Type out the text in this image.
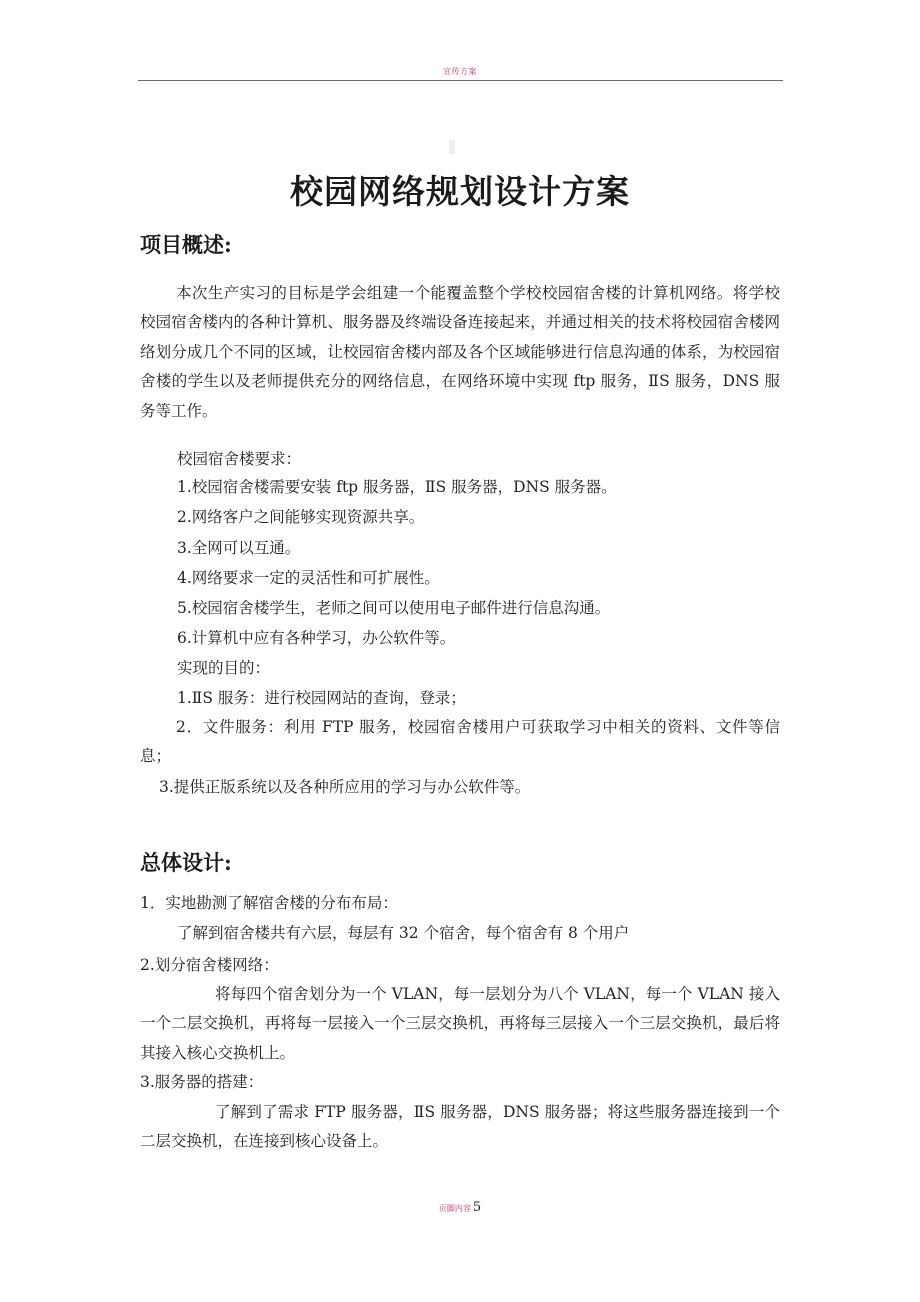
宣传方案
校园网络规划设计方案
项目概述:

本次生产实习的目标是学会组建一个能覆盖整个学校校园宿舍楼的计算机网络。将学校校园宿舍楼内的各种计算机、服务器及终端设备连接起来，并通过相关的技术将校园宿舍楼网络划分成几个不同的区域，让校园宿舍楼内部及各个区域能够进行信息沟通的体系，为校园宿舍楼的学生以及老师提供充分的网络信息，在网络环境中实现 ftp 服务，ⅡS 服务，DNS 服务等工作。

校园宿舍楼要求：

1.校园宿舍楼需要安装 ftp 服务器，ⅡS 服务器，DNS 服务器。

2.网络客户之间能够实现资源共享。

3.全网可以互通。

4.网络要求一定的灵活性和可扩展性。

5.校园宿舍楼学生，老师之间可以使用电子邮件进行信息沟通。

6.计算机中应有各种学习，办公软件等。

实现的目的：

1.ⅡS 服务：进行校园网站的查询，登录；

2．文件服务：利用 FTP 服务，校园宿舍楼用户可获取学习中相关的资料、文件等信息；

3.提供正版系统以及各种所应用的学习与办公软件等。

总体设计:

1．实地勘测了解宿舍楼的分布布局：

了解到宿舍楼共有六层，每层有 32 个宿舍，每个宿舍有 8 个用户

2.划分宿舍楼网络：

将每四个宿舍划分为一个 VLAN，每一层划分为八个 VLAN，每一个 VLAN 接入一个二层交换机，再将每一层接入一个三层交换机，再将每三层接入一个三层交换机，最后将其接入核心交换机上。

3.服务器的搭建：

了解到了需求 FTP 服务器，ⅡS 服务器，DNS 服务器；将这些服务器连接到一个二层交换机，在连接到核心设备上。

页脚内容 5
